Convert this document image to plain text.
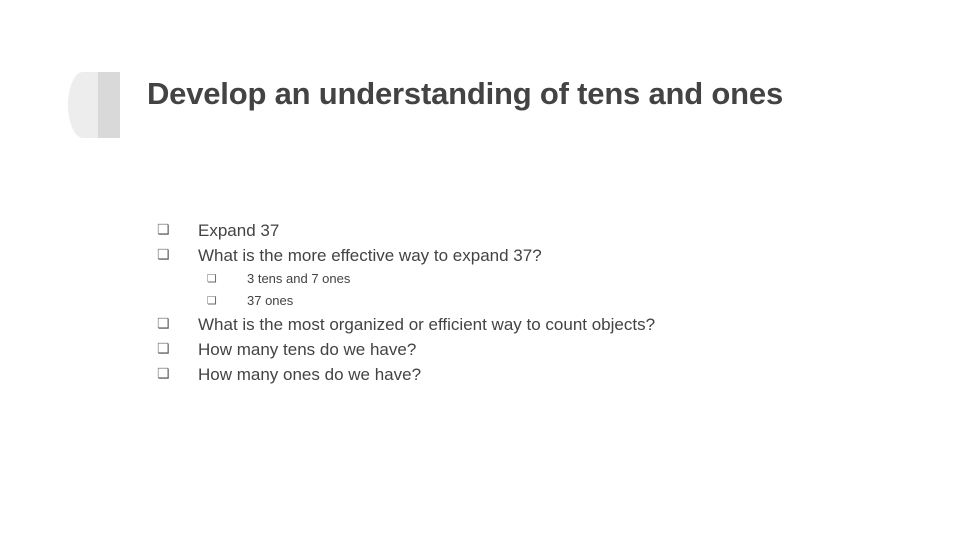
Develop an understanding of tens and ones
❏ Expand 37
❏ What is the more effective way to expand 37?
❏ 3 tens and 7 ones
❏ 37 ones
❏ What is the most organized or efficient way to count objects?
❏ How many tens do we have?
❏ How many ones do we have?
